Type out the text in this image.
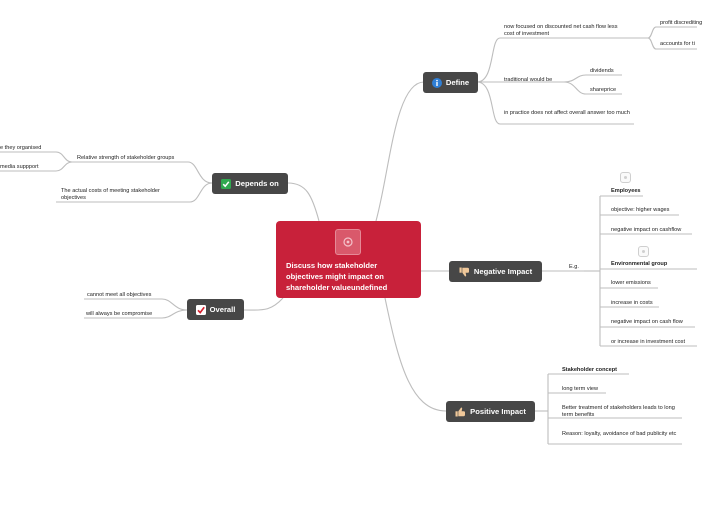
Discuss how stakeholder objectives might impact on shareholder valueundefined
Define
now focused on discounted net cash flow less cost of investment
profit discrediting
accounts for ti
traditional would be
dividends
shareprice
in practice does not affect overall answer too much
Depends on
Relative strength of stakeholder groups
e they organised
media suppport
The actual costs of meeting stakeholder objectives
Overall
cannot meet all objectives
will always be compromise
Negative Impact	E.g.
Employees
objective: higher wages
negative impact on cashflow
Environmental group
lower emissions
increase in costs
negative impact on cash flow
or increase in investment cost
Positive Impact
Stakeholder concept
long term view
Better treatment of stakeholders leads to long term benefits
Reason: loyalty, avoidance of bad publicity etc
